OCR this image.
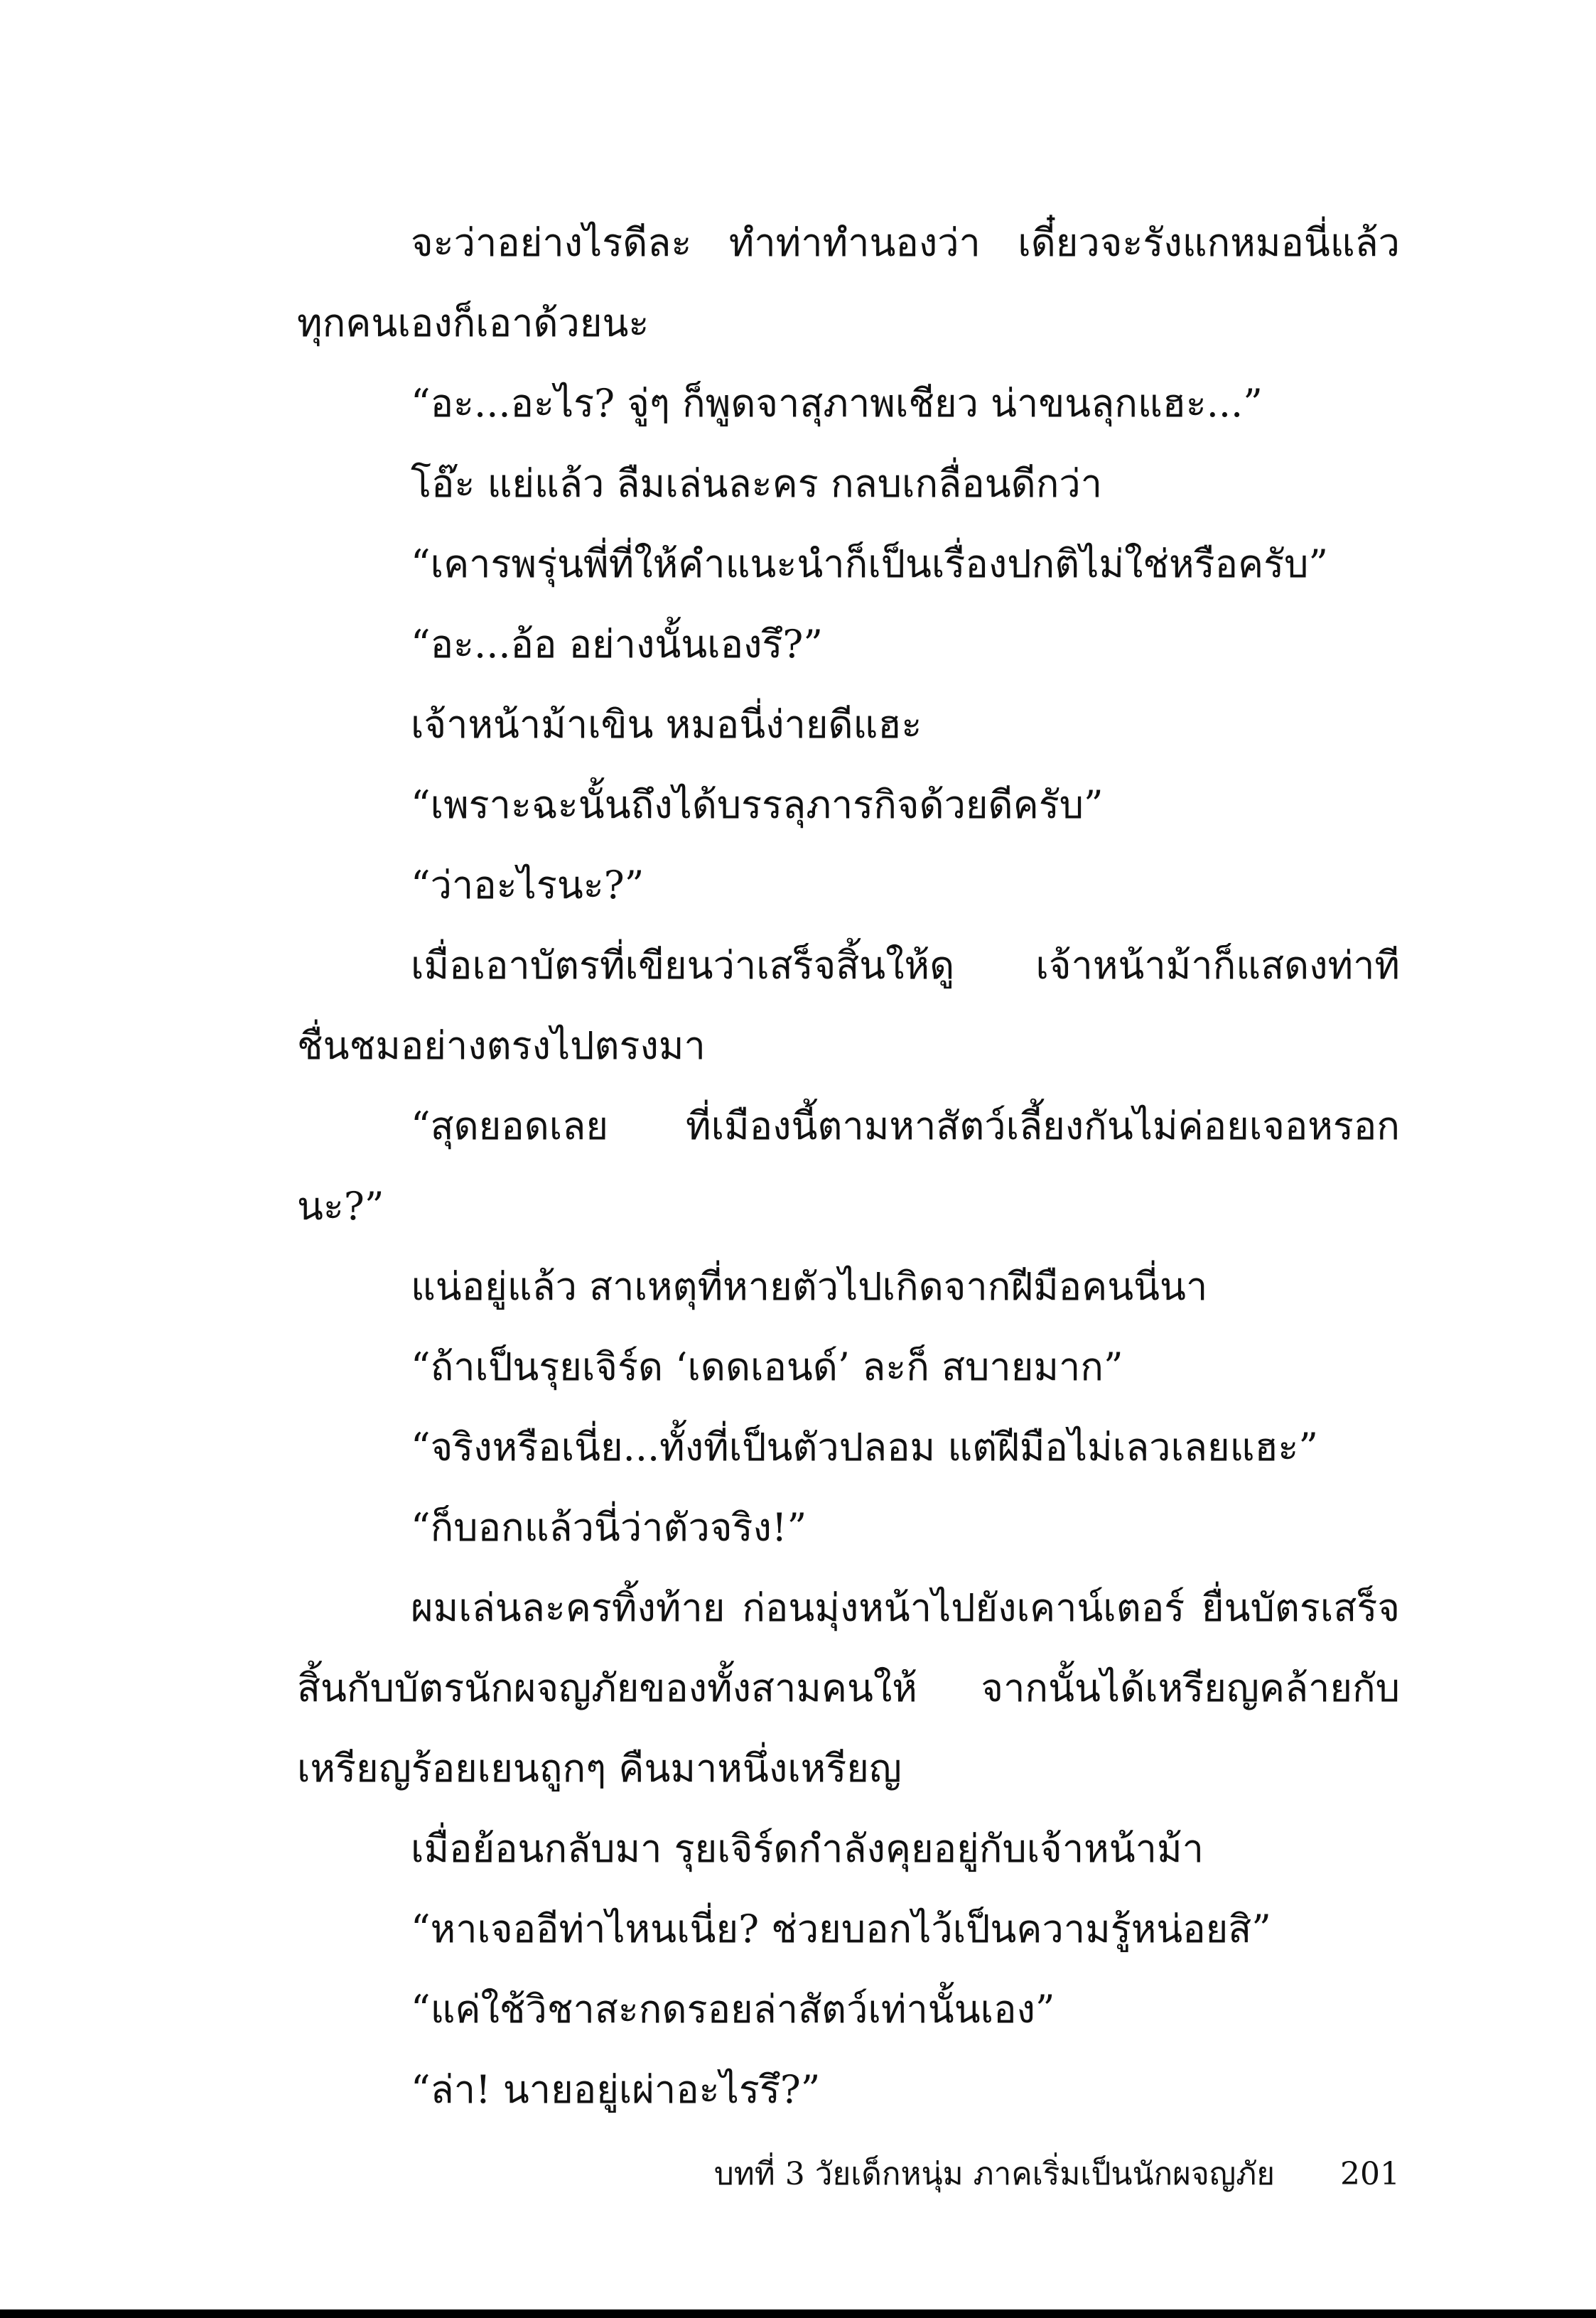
จะว่าอย่างไรดีละ ทำท่าทำนองว่า เดี๋ยวจะรังแกหมอนี่แล้ว ทุกคนเองก็เอาด้วยนะ

“อะ...อะไร? จู่ๆ ก็พูดจาสุภาพเชียว น่าขนลุกแฮะ...”

โอ๊ะ แย่แล้ว ลืมเล่นละคร กลบเกลื่อนดีกว่า

“เคารพรุ่นพี่ที่ให้คำแนะนำก็เป็นเรื่องปกติไม่ใช่หรือครับ”

“อะ...อ้อ อย่างนั้นเองรึ?”

เจ้าหน้าม้าเขิน หมอนี่ง่ายดีแฮะ

“เพราะฉะนั้นถึงได้บรรลุภารกิจด้วยดีครับ”

“ว่าอะไรนะ?”

เมื่อเอาบัตรที่เขียนว่าเสร็จสิ้นให้ดู เจ้าหน้าม้าก็แสดงท่าทีชื่นชมอย่างตรงไปตรงมา

“สุดยอดเลย ที่เมืองนี้ตามหาสัตว์เลี้ยงกันไม่ค่อยเจอหรอกนะ?”

แน่อยู่แล้ว สาเหตุที่หายตัวไปเกิดจากฝีมือคนนี่นา

“ถ้าเป็นรุยเจิร์ด ‘เดดเอนด์’ ละก็ สบายมาก”

“จริงหรือเนี่ย...ทั้งที่เป็นตัวปลอม แต่ฝีมือไม่เลวเลยแฮะ”

“ก็บอกแล้วนี่ว่าตัวจริง!”

ผมเล่นละครทิ้งท้าย ก่อนมุ่งหน้าไปยังเคาน์เตอร์ ยื่นบัตรเสร็จสิ้นกับบัตรนักผจญภัยของทั้งสามคนให้ จากนั้นได้เหรียญคล้ายกับเหรียญร้อยเยนถูกๆ คืนมาหนึ่งเหรียญ

เมื่อย้อนกลับมา รุยเจิร์ดกำลังคุยอยู่กับเจ้าหน้าม้า

“หาเจออีท่าไหนเนี่ย? ช่วยบอกไว้เป็นความรู้หน่อยสิ”

“แค่ใช้วิชาสะกดรอยล่าสัตว์เท่านั้นเอง”

“ล่า! นายอยู่เผ่าอะไรรึ?”

บทที่ 3 วัยเด็กหนุ่ม ภาคเริ่มเป็นนักผจญภัย 201
